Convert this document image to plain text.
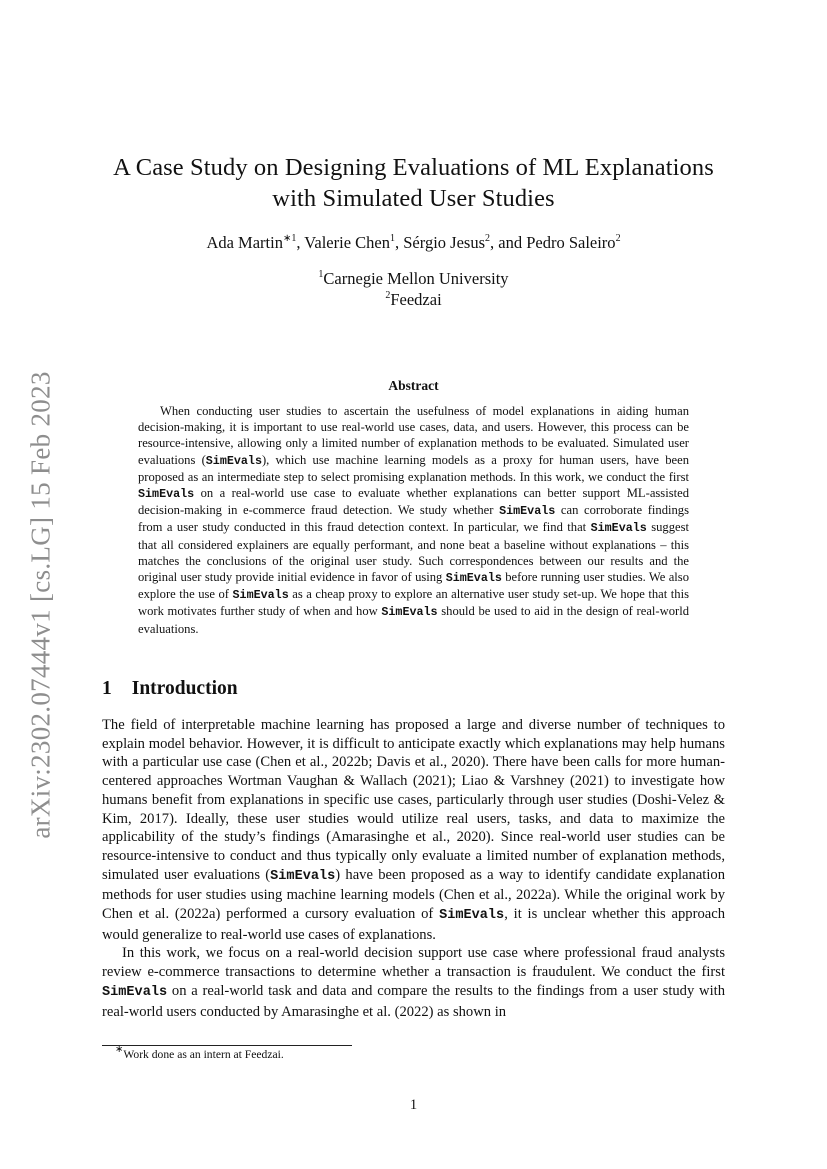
arXiv:2302.07444v1 [cs.LG] 15 Feb 2023
A Case Study on Designing Evaluations of ML Explanations
with Simulated User Studies
Ada Martin$^{∗1}$, Valerie Chen$^1$, Sérgio Jesus$^2$, and Pedro Saleiro$^2$
$^1$Carnegie Mellon University
$^2$Feedzai
Abstract
When conducting user studies to ascertain the usefulness of model explanations in aiding human decision-making, it is important to use real-world use cases, data, and users. However, this process can be resource-intensive, allowing only a limited number of explanation methods to be evaluated. Simulated user evaluations (SimEvals), which use machine learning models as a proxy for human users, have been proposed as an intermediate step to select promising explanation methods. In this work, we conduct the first SimEvals on a real-world use case to evaluate whether explanations can better support ML-assisted decision-making in e-commerce fraud detection. We study whether SimEvals can corroborate findings from a user study conducted in this fraud detection context. In particular, we find that SimEvals suggest that all considered explainers are equally performant, and none beat a baseline without explanations – this matches the conclusions of the original user study. Such correspondences between our results and the original user study provide initial evidence in favor of using SimEvals before running user studies. We also explore the use of SimEvals as a cheap proxy to explore an alternative user study set-up. We hope that this work motivates further study of when and how SimEvals should be used to aid in the design of real-world evaluations.
1 Introduction

The field of interpretable machine learning has proposed a large and diverse number of techniques to explain model behavior. However, it is difficult to anticipate exactly which explanations may help humans with a particular use case (Chen et al., 2022b; Davis et al., 2020). There have been calls for more human-centered approaches Wortman Vaughan & Wallach (2021); Liao & Varshney (2021) to investigate how humans benefit from explanations in specific use cases, particularly through user studies (Doshi-Velez & Kim, 2017). Ideally, these user studies would utilize real users, tasks, and data to maximize the applicability of the study’s findings (Amarasinghe et al., 2020). Since real-world user studies can be resource-intensive to conduct and thus typically only evaluate a limited number of explanation methods, simulated user evaluations (SimEvals) have been proposed as a way to identify candidate explanation methods for user studies using machine learning models (Chen et al., 2022a). While the original work by Chen et al. (2022a) performed a cursory evaluation of SimEvals, it is unclear whether this approach would generalize to real-world use cases of explanations.

In this work, we focus on a real-world decision support use case where professional fraud analysts review e-commerce transactions to determine whether a transaction is fraudulent. We conduct the first SimEvals on a real-world task and data and compare the results to the findings from a user study with real-world users conducted by Amarasinghe et al. (2022) as shown in

∗Work done as an intern at Feedzai.
1
